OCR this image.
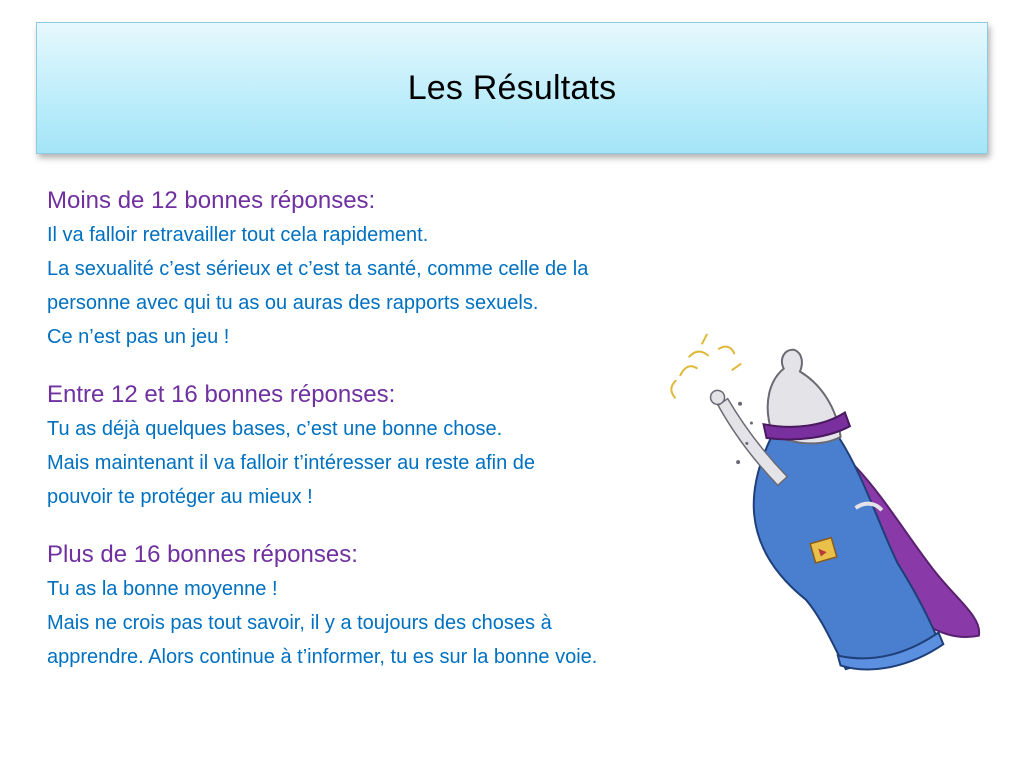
Les Résultats
Moins de 12 bonnes réponses:
Il va falloir retravailler tout cela rapidement.
La sexualité c’est sérieux et c’est ta santé, comme celle de la
personne avec qui tu as ou auras des rapports sexuels.
Ce n’est pas un jeu !
Entre 12 et 16 bonnes réponses:
Tu as déjà quelques bases, c’est une bonne chose.
Mais maintenant il va falloir t’intéresser au reste afin de
pouvoir te protéger au mieux !
Plus de 16 bonnes réponses:
Tu as la bonne moyenne !
Mais ne crois pas tout savoir, il y a toujours des choses à
apprendre. Alors continue à t’informer, tu es sur la bonne voie.
